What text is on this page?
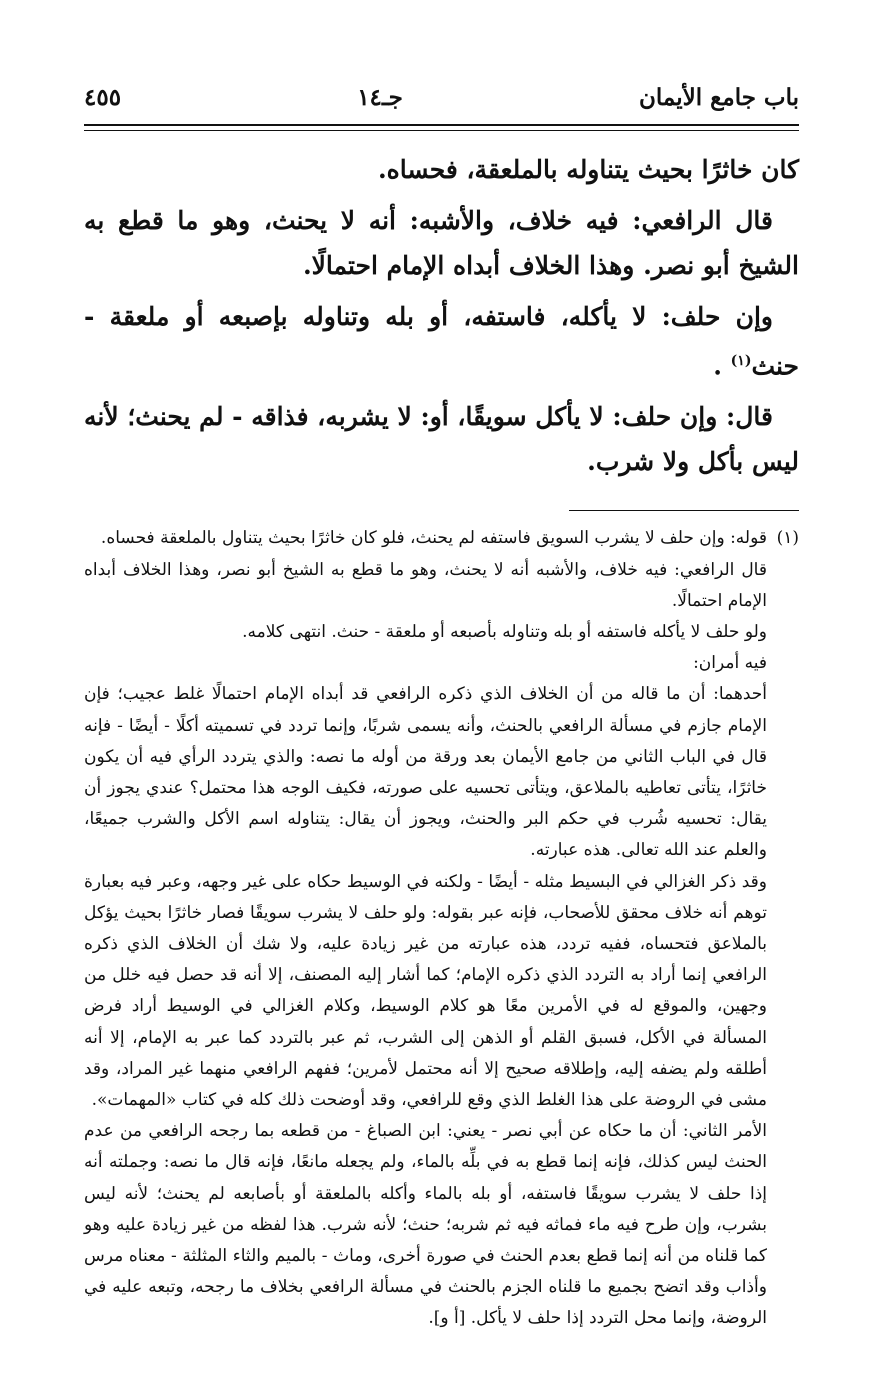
باب جامع الأيمان
جـ١٤
٤٥٥

كان خاثرًا بحيث يتناوله بالملعقة، فحساه.

قال الرافعي: فيه خلاف، والأشبه: أنه لا يحنث، وهو ما قطع به الشيخ أبو نصر. وهذا الخلاف أبداه الإمام احتمالًا.

وإن حلف: لا يأكله، فاستفه، أو بله وتناوله بإصبعه أو ملعقة - حنث$^{(١)}$ .

قال: وإن حلف: لا يأكل سويقًا، أو: لا يشربه، فذاقه - لم يحنث؛ لأنه ليس بأكل ولا شرب.

(١)قوله: وإن حلف لا يشرب السويق فاستفه لم يحنث، فلو كان خاثرًا بحيث يتناول بالملعقة فحساه.

قال الرافعي: فيه خلاف، والأشبه أنه لا يحنث، وهو ما قطع به الشيخ أبو نصر، وهذا الخلاف أبداه الإمام احتمالًا.

ولو حلف لا يأكله فاستفه أو بله وتناوله بأصبعه أو ملعقة - حنث. انتهى كلامه.

فيه أمران:

أحدهما: أن ما قاله من أن الخلاف الذي ذكره الرافعي قد أبداه الإمام احتمالًا غلط عجيب؛ فإن الإمام جازم في مسألة الرافعي بالحنث، وأنه يسمى شربًا، وإنما تردد في تسميته أكلًا - أيضًا - فإنه قال في الباب الثاني من جامع الأيمان بعد ورقة من أوله ما نصه: والذي يتردد الرأي فيه أن يكون خاثرًا، يتأتى تعاطيه بالملاعق، ويتأتى تحسيه على صورته، فكيف الوجه هذا محتمل؟ عندي يجوز أن يقال: تحسيه شُرب في حكم البر والحنث، ويجوز أن يقال: يتناوله اسم الأكل والشرب جميعًا، والعلم عند الله تعالى. هذه عبارته.

وقد ذكر الغزالي في البسيط مثله - أيضًا - ولكنه في الوسيط حكاه على غير وجهه، وعبر فيه بعبارة توهم أنه خلاف محقق للأصحاب، فإنه عبر بقوله: ولو حلف لا يشرب سويقًا فصار خاثرًا بحيث يؤكل بالملاعق فتحساه، ففيه تردد، هذه عبارته من غير زيادة عليه، ولا شك أن الخلاف الذي ذكره الرافعي إنما أراد به التردد الذي ذكره الإمام؛ كما أشار إليه المصنف، إلا أنه قد حصل فيه خلل من وجهين، والموقع له في الأمرين معًا هو كلام الوسيط، وكلام الغزالي في الوسيط أراد فرض المسألة في الأكل، فسبق القلم أو الذهن إلى الشرب، ثم عبر بالتردد كما عبر به الإمام، إلا أنه أطلقه ولم يضفه إليه، وإطلاقه صحيح إلا أنه محتمل لأمرين؛ ففهم الرافعي منهما غير المراد، وقد مشى في الروضة على هذا الغلط الذي وقع للرافعي، وقد أوضحت ذلك كله في كتاب «المهمات».

الأمر الثاني: أن ما حكاه عن أبي نصر - يعني: ابن الصباغ - من قطعه بما رجحه الرافعي من عدم الحنث ليس كذلك، فإنه إنما قطع به في بلِّه بالماء، ولم يجعله مانعًا، فإنه قال ما نصه: وجملته أنه إذا حلف لا يشرب سويقًا فاستفه، أو بله بالماء وأكله بالملعقة أو بأصابعه لم يحنث؛ لأنه ليس بشرب، وإن طرح فيه ماء فماثه فيه ثم شربه؛ حنث؛ لأنه شرب. هذا لفظه من غير زيادة عليه وهو كما قلناه من أنه إنما قطع بعدم الحنث في صورة أخرى، وماث - بالميم والثاء المثلثة - معناه مرس وأذاب وقد اتضح بجميع ما قلناه الجزم بالحنث في مسألة الرافعي بخلاف ما رجحه، وتبعه عليه في الروضة، وإنما محل التردد إذا حلف لا يأكل. [أ و].
